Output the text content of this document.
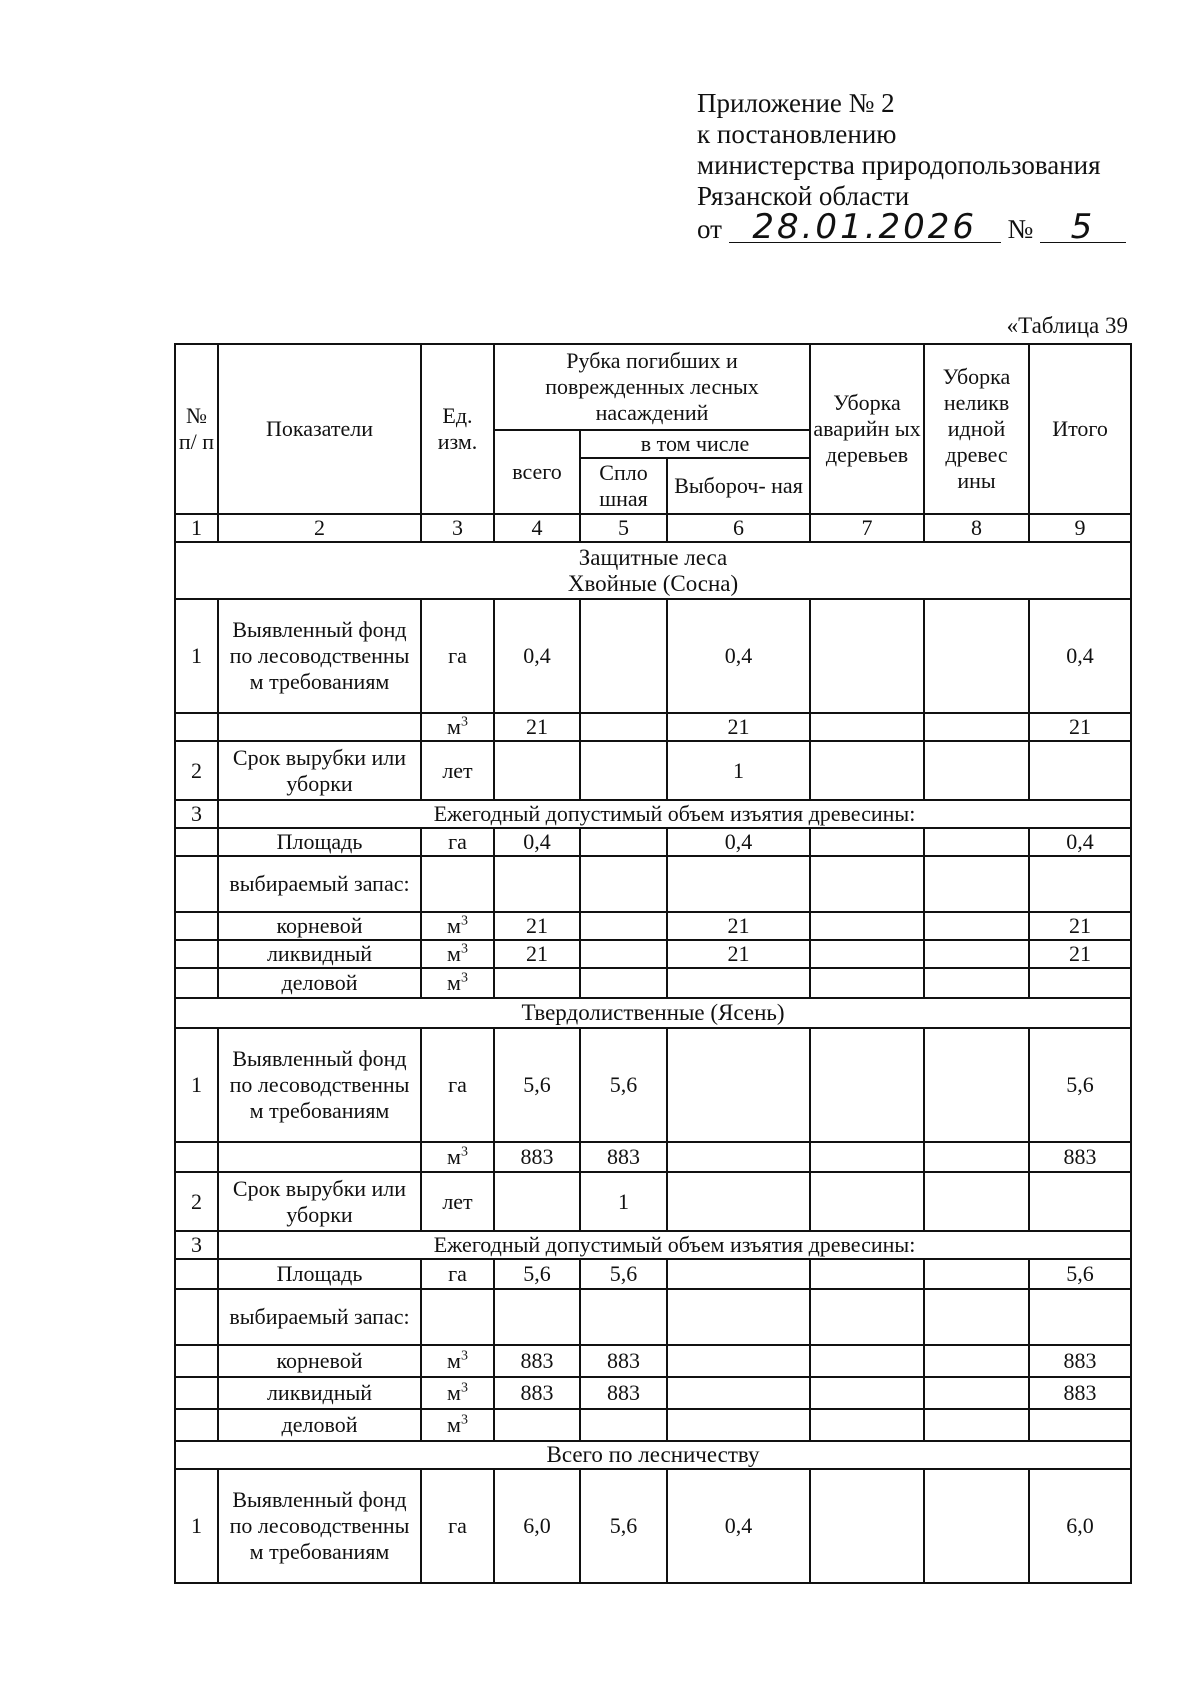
Приложение № 2
к постановлению
министерства природопользования
Рязанской области
от 28.01.2026 № 5
«Таблица 39
№ п/ п	Показатели	Ед. изм.	Рубка погибших и поврежденных лесных насаждений			Уборка аварийн ых деревьев	Уборка неликв идной древес ины	Итого
			всего	в том числе				
				Спло шная	Выбороч- ная			
1	2	3	4	5	6	7	8	9

Защитные леса
Хвойные (Сосна)								

1	Выявленный фонд по лесоводственны м требованиям	га	0,4		0,4			0,4
		$м^3$	21		21			21
2	Срок вырубки или уборки	лет			1			
3	Ежегодный допустимый объем изъятия древесины:							
	Площадь	га	0,4		0,4			0,4
	выбираемый запас:							
	корневой	$м^3$	21		21			21
	ликвидный	$м^3$	21		21			21
	деловой	$м^3$						
Твердолиственные (Ясень)								
1	Выявленный фонд по лесоводственны м требованиям	га	5,6	5,6				5,6
		$м^3$	883	883				883
2	Срок вырубки или уборки	лет		1				
3	Ежегодный допустимый объем изъятия древесины:							
	Площадь	га	5,6	5,6				5,6
	выбираемый запас:							
	корневой	$м^3$	883	883				883
	ликвидный	$м^3$	883	883				883
	деловой	$м^3$						
Всего по лесничеству								
1	Выявленный фонд по лесоводственны м требованиям	га	6,0	5,6	0,4			6,0
